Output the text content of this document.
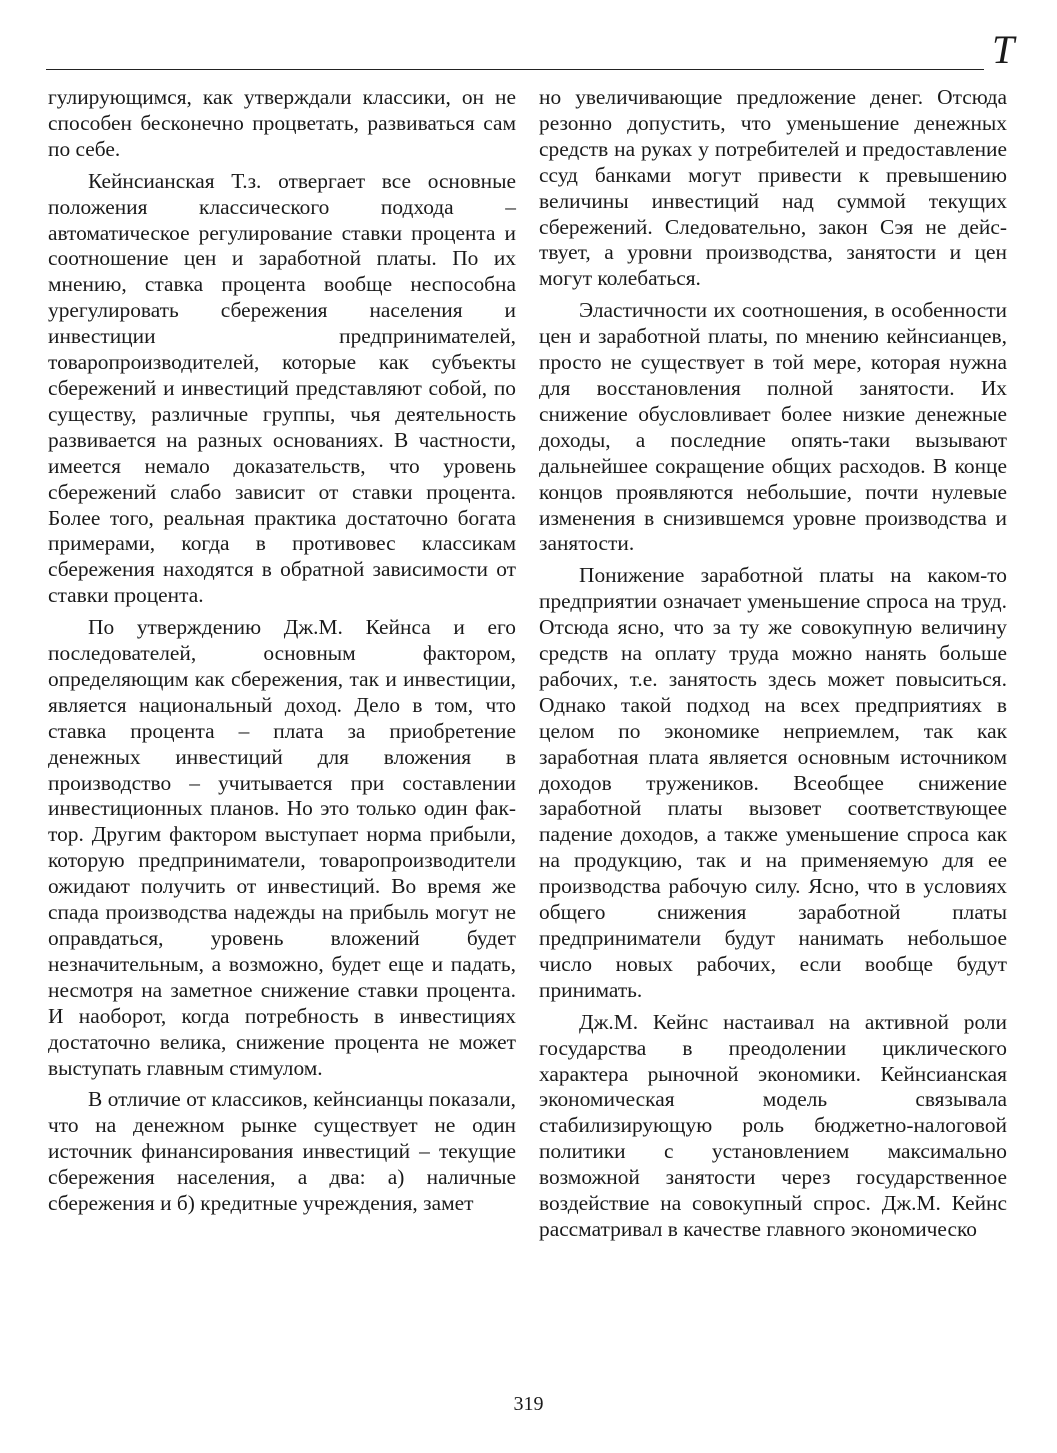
T

гулирующимся, как утверждали классики, он не способен бесконечно процветать, развиваться сам по себе.

Кейнсианская Т.з. отвергает все основные положения классического подхода – автоматическое регулирование ставки процента и соотношение цен и заработной платы. По их мнению, ставка процента вообще неспособна урегулировать сбережения населения и инвестиции предпринимателей, товаропроизводителей, которые как субъекты сбережений и инвестиций представляют собой, по существу, различные группы, чья деятельность развивается на разных основаниях. В частности, имеется немало доказательств, что уровень сбережений слабо зависит от ставки процента. Более того, реальная практика достаточно богата примерами, когда в противовес классикам сбережения находятся в обратной зависимости от ставки процента.

По утверждению Дж.М. Кейнса и его последователей, основным фактором, определяющим как сбережения, так и инвестиции, является национальный доход. Дело в том, что ставка процента – плата за приобретение денежных инвестиций для вложения в производство – учитывается при составлении инвестиционных планов. Но это только один фактор. Другим фактором выступает норма прибыли, которую предприниматели, товаропроизводители ожидают получить от инвестиций. Во время же спада производства надежды на прибыль могут не оправдаться, уровень вложений будет незначительным, а возможно, будет еще и падать, несмотря на заметное снижение ставки процента. И наоборот, когда потребность в инвестициях достаточно велика, снижение процента не может выступать главным стимулом.

В отличие от классиков, кейнсианцы показали, что на денежном рынке существует не один источник финансирования инвестиций – текущие сбережения населения, а два: а) наличные сбережения и б) кредитные учреждения, замет

но увеличивающие предложение денег. Отсюда резонно допустить, что уменьшение денежных средств на руках у потребителей и предоставление ссуд банками могут привести к превышению величины инвестиций над суммой текущих сбережений. Следовательно, закон Сэя не действует, а уровни производства, занятости и цен могут колебаться.

Эластичности их соотношения, в особенности цен и заработной платы, по мнению кейнсианцев, просто не существует в той мере, которая нужна для восстановления полной занятости. Их снижение обусловливает более низкие денежные доходы, а последние опять-таки вызывают дальнейшее сокращение общих расходов. В конце концов проявляются небольшие, почти нулевые изменения в снизившемся уровне производства и занятости.

Понижение заработной платы на каком-то предприятии означает уменьшение спроса на труд. Отсюда ясно, что за ту же совокупную величину средств на оплату труда можно нанять больше рабочих, т.е. занятость здесь может повыситься. Однако такой подход на всех предприятиях в целом по экономике неприемлем, так как заработная плата является основным источником доходов тружеников. Всеобщее снижение заработной платы вызовет соответствующее падение доходов, а также уменьшение спроса как на продукцию, так и на применяемую для ее производства рабочую силу. Ясно, что в условиях общего снижения заработной платы предприниматели будут нанимать небольшое число новых рабочих, если вообще будут принимать.

Дж.М. Кейнс настаивал на активной роли государства в преодолении циклического характера рыночной экономики. Кейнсианская экономическая модель связывала стабилизирующую роль бюджетно-налоговой политики с установлением максимально возможной занятости через государственное воздействие на совокупный спрос. Дж.М. Кейнс рассматривал в качестве главного экономическо

319
